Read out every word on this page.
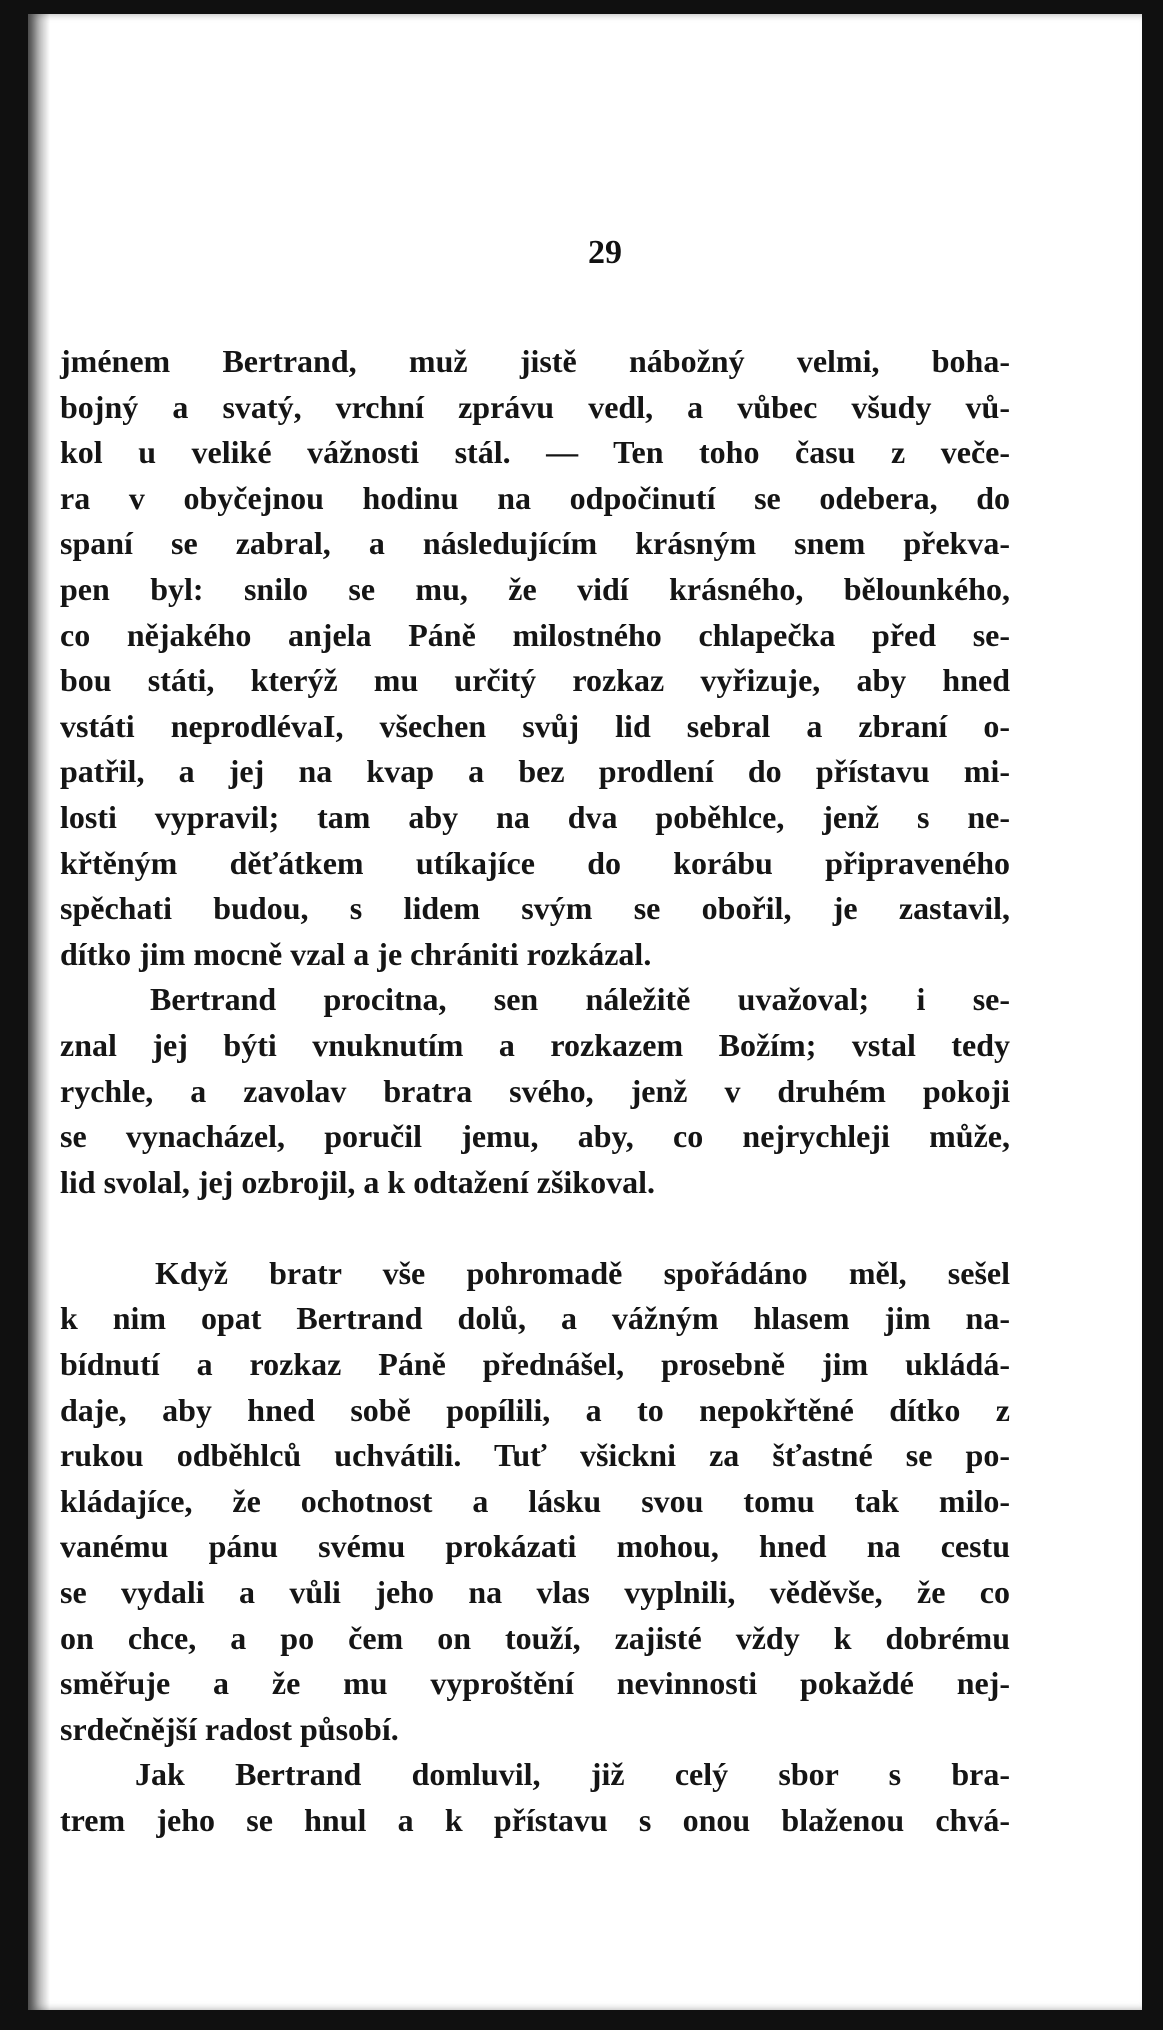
29
jménem Bertrand, muž jistě nábožný velmi, boha-
bojný a svatý, vrchní zprávu vedl, a vůbec všudy vů-
kol u veliké vážnosti stál. — Ten toho času z veče-
ra v obyčejnou hodinu na odpočinutí se odebera, do
spaní se zabral, a následujícím krásným snem překva-
pen byl: snilo se mu, že vidí krásného, bělounkého,
co nějakého anjela Páně milostného chlapečka před se-
bou státi, kterýž mu určitý rozkaz vyřizuje, aby hned
vstáti neprodlévaI, všechen svůj lid sebral a zbraní o-
patřil, a jej na kvap a bez prodlení do přístavu mi-
losti vypravil; tam aby na dva poběhlce, jenž s ne-
křtěným děťátkem utíkajíce do korábu připraveného
spěchati budou, s lidem svým se obořil, je zastavil,
dítko jim mocně vzal a je chrániti rozkázal.
Bertrand procitna, sen náležitě uvažoval; i se-
znal jej býti vnuknutím a rozkazem Božím; vstal tedy
rychle, a zavolav bratra svého, jenž v druhém pokoji
se vynacházel, poručil jemu, aby, co nejrychleji může,
lid svolal, jej ozbrojil, a k odtažení zšikoval.
Když bratr vše pohromadě spořádáno měl, sešel
k nim opat Bertrand dolů, a vážným hlasem jim na-
bídnutí a rozkaz Páně přednášel, prosebně jim ukládá-
daje, aby hned sobě popílili, a to nepokřtěné dítko z
rukou odběhlců uchvátili. Tuť všickni za šťastné se po-
kládajíce, že ochotnost a lásku svou tomu tak milo-
vanému pánu svému prokázati mohou, hned na cestu
se vydali a vůli jeho na vlas vyplnili, věděvše, že co
on chce, a po čem on touží, zajisté vždy k dobrému
směřuje a že mu vyproštění nevinnosti pokaždé nej-
srdečnější radost působí.
Jak Bertrand domluvil, již celý sbor s bra-
trem jeho se hnul a k přístavu s onou blaženou chvá-
